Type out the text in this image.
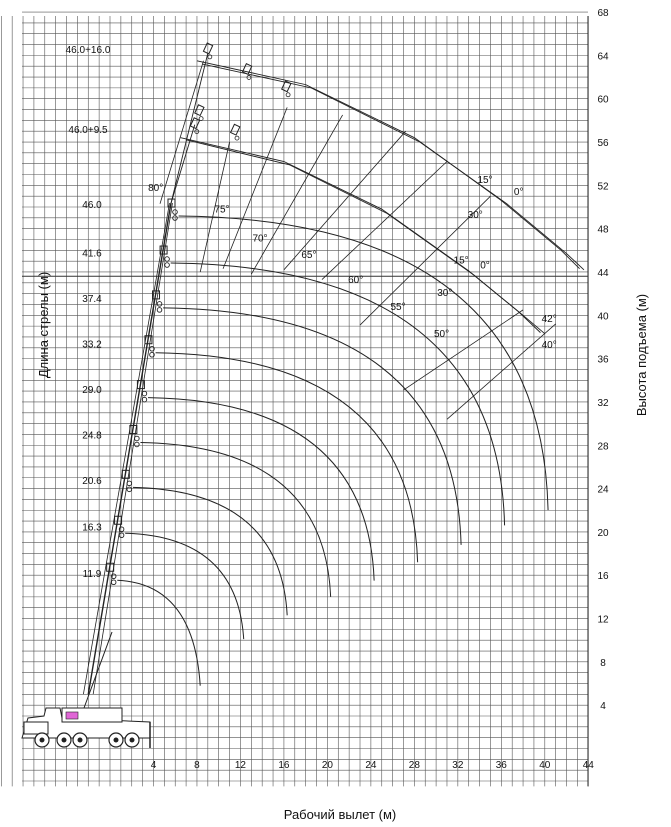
4	8	12	16	20	24	28	32	36	40	44
4
8
12
16
20
24
28
32
36
40
44
48
52
56
60
64
68
Рабочий вылет (м)
Длина стрелы (м)	Высота подъема (м)
11.9
16.3
20.6
24.8
29.0
33.2
37.4
41.6
46.0
46.0+9.5
46.0+16.0
80°
75°
70°
65°
60°
55°
50°
15°
0°
30°
15° 0°
30°
42°
40°
